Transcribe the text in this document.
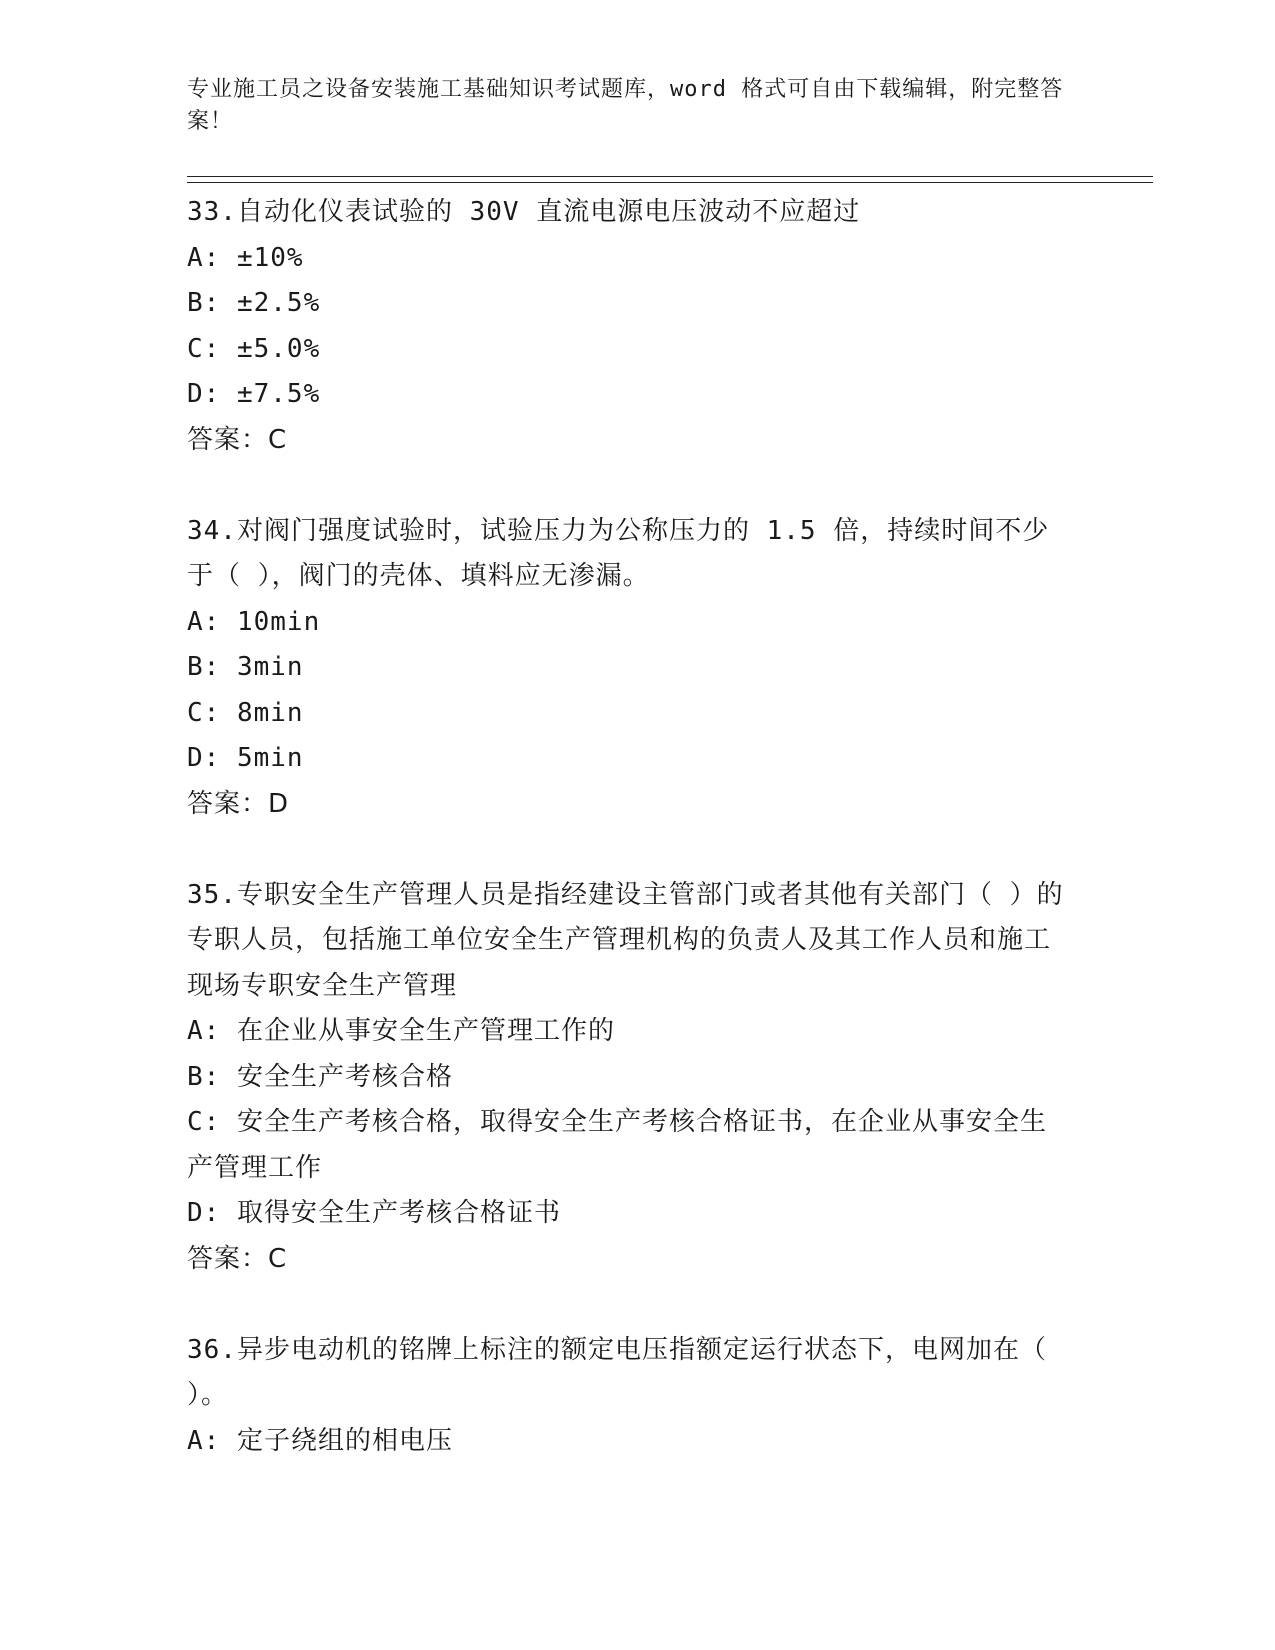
专业施工员之设备安装施工基础知识考试题库，word 格式可自由下载编辑，附完整答案！

33.自动化仪表试验的 30V 直流电源电压波动不应超过

A: ±10%

B: ±2.5%

C: ±5.0%

D: ±7.5%

答案：C

34.对阀门强度试验时，试验压力为公称压力的 1.5 倍，持续时间不少于（ ），阀门的壳体、填料应无渗漏。

A: 10min

B: 3min

C: 8min

D: 5min

答案：D

35.专职安全生产管理人员是指经建设主管部门或者其他有关部门（ ）的专职人员，包括施工单位安全生产管理机构的负责人及其工作人员和施工现场专职安全生产管理

A: 在企业从事安全生产管理工作的

B: 安全生产考核合格

C: 安全生产考核合格，取得安全生产考核合格证书，在企业从事安全生产管理工作

D: 取得安全生产考核合格证书

答案：C

36.异步电动机的铭牌上标注的额定电压指额定运行状态下，电网加在（ ）。

A: 定子绕组的相电压
